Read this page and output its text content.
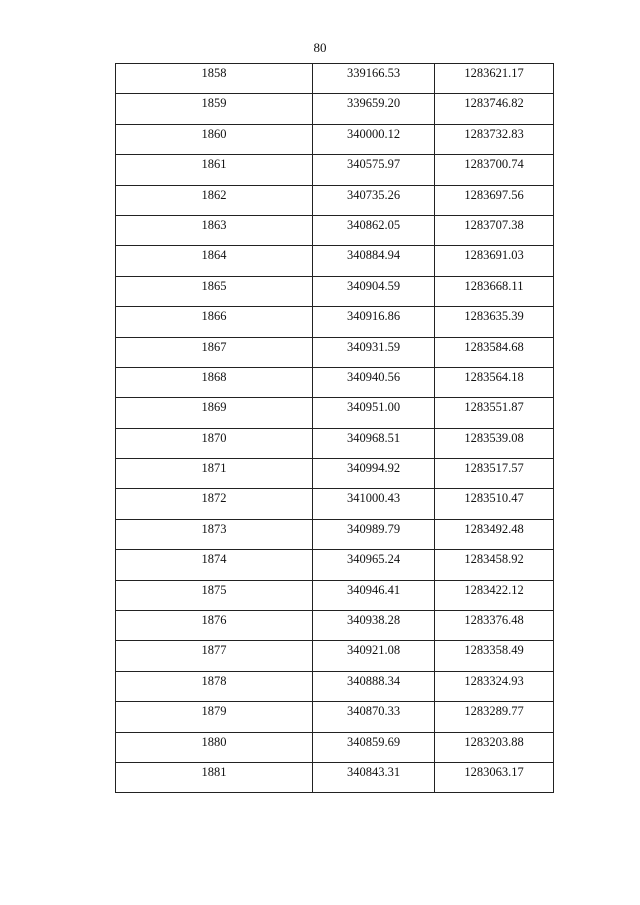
80
1858	339166.53	1283621.17

1859	339659.20	1283746.82

1860	340000.12	1283732.83

1861	340575.97	1283700.74

1862	340735.26	1283697.56

1863	340862.05	1283707.38

1864	340884.94	1283691.03

1865	340904.59	1283668.11

1866	340916.86	1283635.39

1867	340931.59	1283584.68

1868	340940.56	1283564.18

1869	340951.00	1283551.87

1870	340968.51	1283539.08

1871	340994.92	1283517.57

1872	341000.43	1283510.47

1873	340989.79	1283492.48

1874	340965.24	1283458.92

1875	340946.41	1283422.12

1876	340938.28	1283376.48

1877	340921.08	1283358.49

1878	340888.34	1283324.93

1879	340870.33	1283289.77

1880	340859.69	1283203.88

1881	340843.31	1283063.17
